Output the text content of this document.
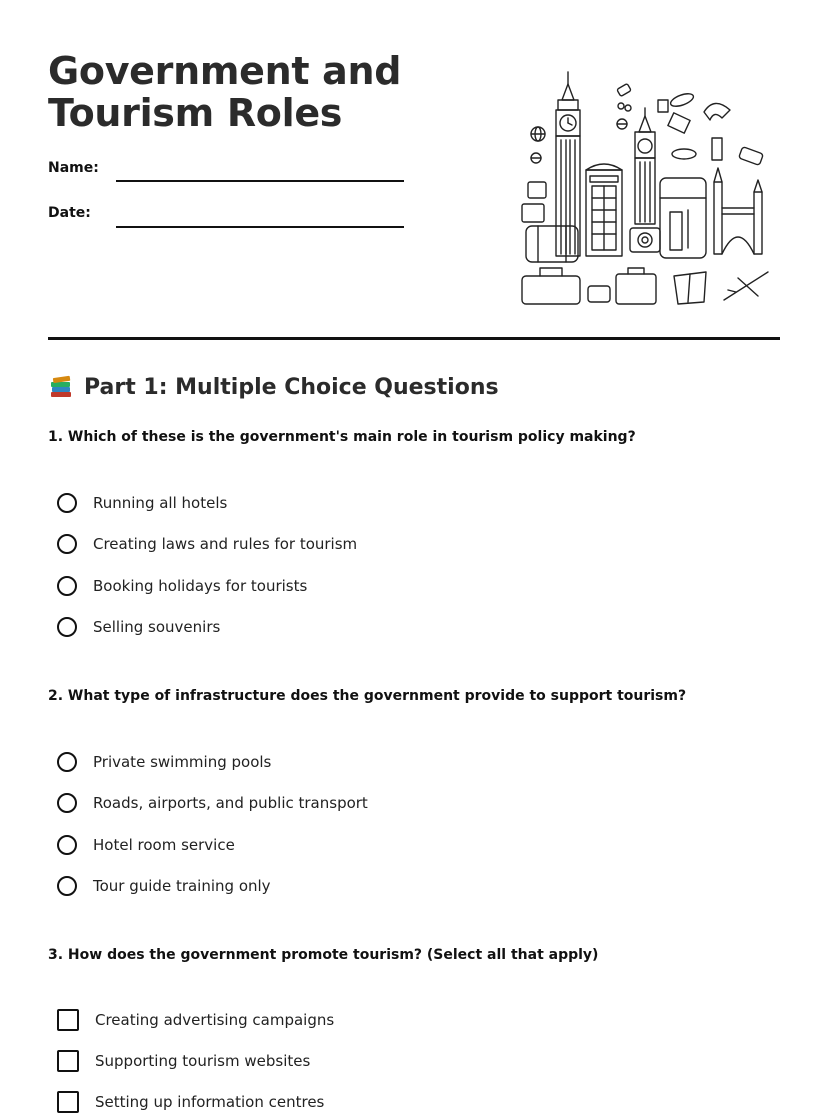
Government and
Tourism Roles
Name:
Date:
Part 1: Multiple Choice Questions

1. Which of these is the government's main role in tourism policy making?

Running all hotels
Creating laws and rules for tourism
Booking holidays for tourists
Selling souvenirs

2. What type of infrastructure does the government provide to support tourism?

Private swimming pools
Roads, airports, and public transport
Hotel room service
Tour guide training only

3. How does the government promote tourism? (Select all that apply)

Creating advertising campaigns
Supporting tourism websites
Setting up information centres
